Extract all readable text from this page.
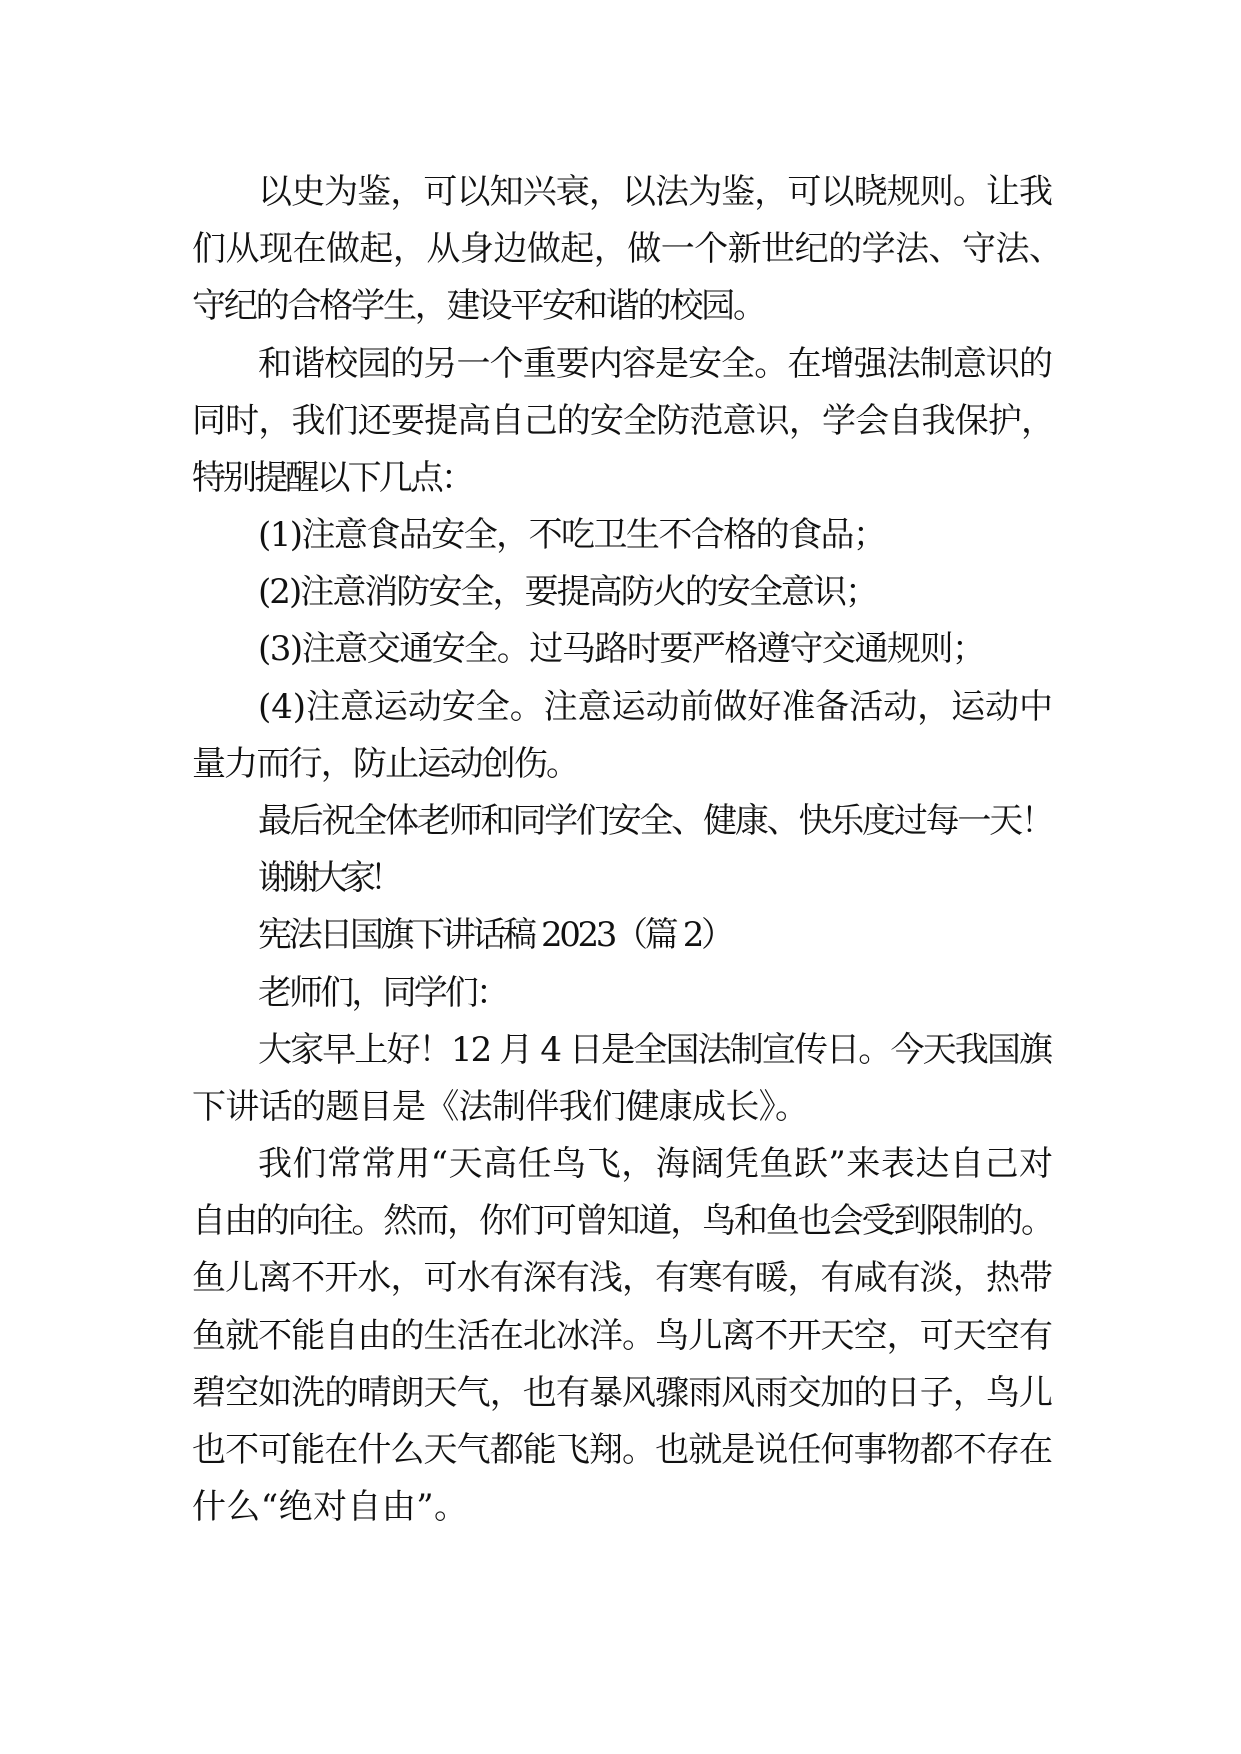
以史为鉴，可以知兴衰，以法为鉴，可以晓规则。让我
们从现在做起，从身边做起，做一个新世纪的学法、守法、
守纪的合格学生，建设平安和谐的校园。
和谐校园的另一个重要内容是安全。在增强法制意识的
同时，我们还要提高自己的安全防范意识，学会自我保护，
特别提醒以下几点：
(1)注意食品安全，不吃卫生不合格的食品；
(2)注意消防安全，要提高防火的安全意识；
(3)注意交通安全。过马路时要严格遵守交通规则；
(4)注意运动安全。注意运动前做好准备活动，运动中
量力而行，防止运动创伤。
最后祝全体老师和同学们安全、健康、快乐度过每一天！
谢谢大家！
宪法日国旗下讲话稿 2023（篇 2）
老师们，同学们：
大家早上好！12 月 4 日是全国法制宣传日。今天我国旗
下讲话的题目是《法制伴我们健康成长》。
我们常常用“天高任鸟飞，海阔凭鱼跃”来表达自己对
自由的向往。然而，你们可曾知道，鸟和鱼也会受到限制的。
鱼儿离不开水，可水有深有浅，有寒有暖，有咸有淡，热带
鱼就不能自由的生活在北冰洋。鸟儿离不开天空，可天空有
碧空如洗的晴朗天气，也有暴风骤雨风雨交加的日子，鸟儿
也不可能在什么天气都能飞翔。也就是说任何事物都不存在
什么“绝对自由”。
